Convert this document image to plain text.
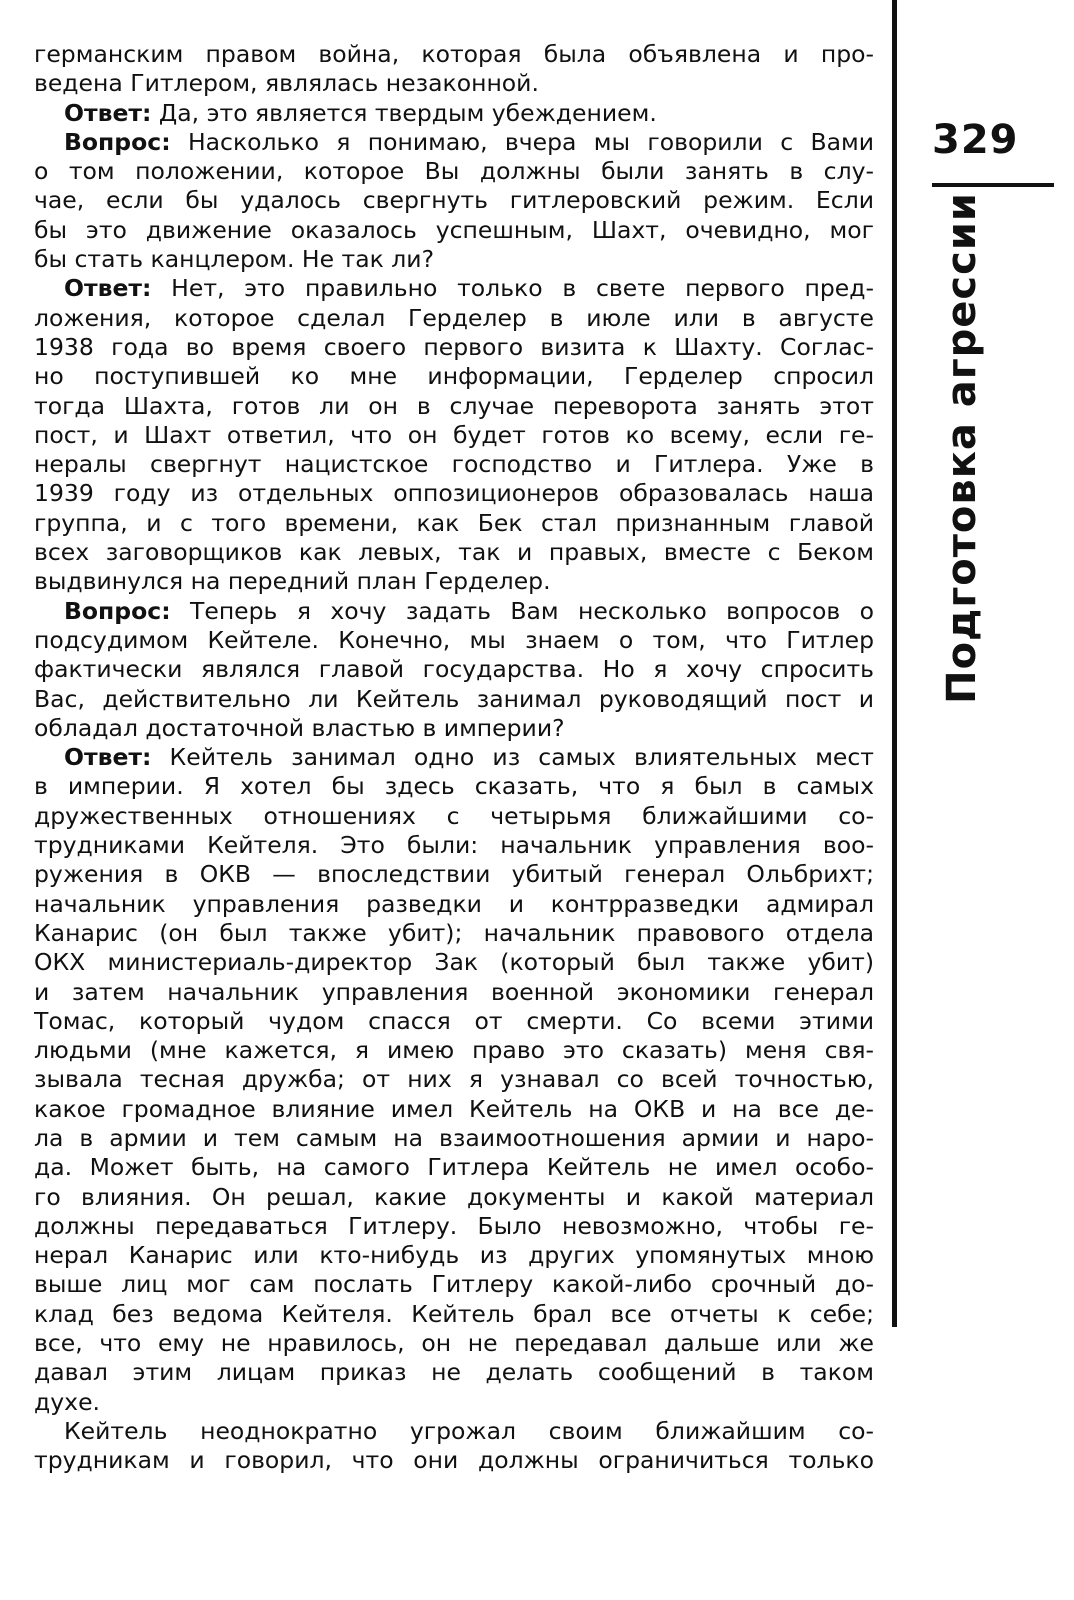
германским правом война, которая была объявлена и про-
ведена Гитлером, являлась незаконной.
Ответ: Да, это является твердым убеждением.
Вопрос: Насколько я понимаю, вчера мы говорили с Вами
о том положении, которое Вы должны были занять в слу-
чае, если бы удалось свергнуть гитлеровский режим. Если
бы это движение оказалось успешным, Шахт, очевидно, мог
бы стать канцлером. Не так ли?
Ответ: Нет, это правильно только в свете первого пред-
ложения, которое сделал Герделер в июле или в августе
1938 года во время своего первого визита к Шахту. Соглас-
но поступившей ко мне информации, Герделер спросил
тогда Шахта, готов ли он в случае переворота занять этот
пост, и Шахт ответил, что он будет готов ко всему, если ге-
нералы свергнут нацистское господство и Гитлера. Уже в
1939 году из отдельных оппозиционеров образовалась наша
группа, и с того времени, как Бек стал признанным главой
всех заговорщиков как левых, так и правых, вместе с Беком
выдвинулся на передний план Герделер.
Вопрос: Теперь я хочу задать Вам несколько вопросов о
подсудимом Кейтеле. Конечно, мы знаем о том, что Гитлер
фактически являлся главой государства. Но я хочу спросить
Вас, действительно ли Кейтель занимал руководящий пост и
обладал достаточной властью в империи?
Ответ: Кейтель занимал одно из самых влиятельных мест
в империи. Я хотел бы здесь сказать, что я был в самых
дружественных отношениях с четырьмя ближайшими со-
трудниками Кейтеля. Это были: начальник управления воо-
ружения в ОКВ — впоследствии убитый генерал Ольбрихт;
начальник управления разведки и контрразведки адмирал
Канарис (он был также убит); начальник правового отдела
ОКХ министериаль-директор Зак (который был также убит)
и затем начальник управления военной экономики генерал
Томас, который чудом спасся от смерти. Со всеми этими
людьми (мне кажется, я имею право это сказать) меня свя-
зывала тесная дружба; от них я узнавал со всей точностью,
какое громадное влияние имел Кейтель на ОКВ и на все де-
ла в армии и тем самым на взаимоотношения армии и наро-
да. Может быть, на самого Гитлера Кейтель не имел особо-
го влияния. Он решал, какие документы и какой материал
должны передаваться Гитлеру. Было невозможно, чтобы ге-
нерал Канарис или кто-нибудь из других упомянутых мною
выше лиц мог сам послать Гитлеру какой-либо срочный до-
клад без ведома Кейтеля. Кейтель брал все отчеты к себе;
все, что ему не нравилось, он не передавал дальше или же
давал этим лицам приказ не делать сообщений в таком
духе.
Кейтель неоднократно угрожал своим ближайшим со-
трудникам и говорил, что они должны ограничиться только
329
Подготовка агрессии
